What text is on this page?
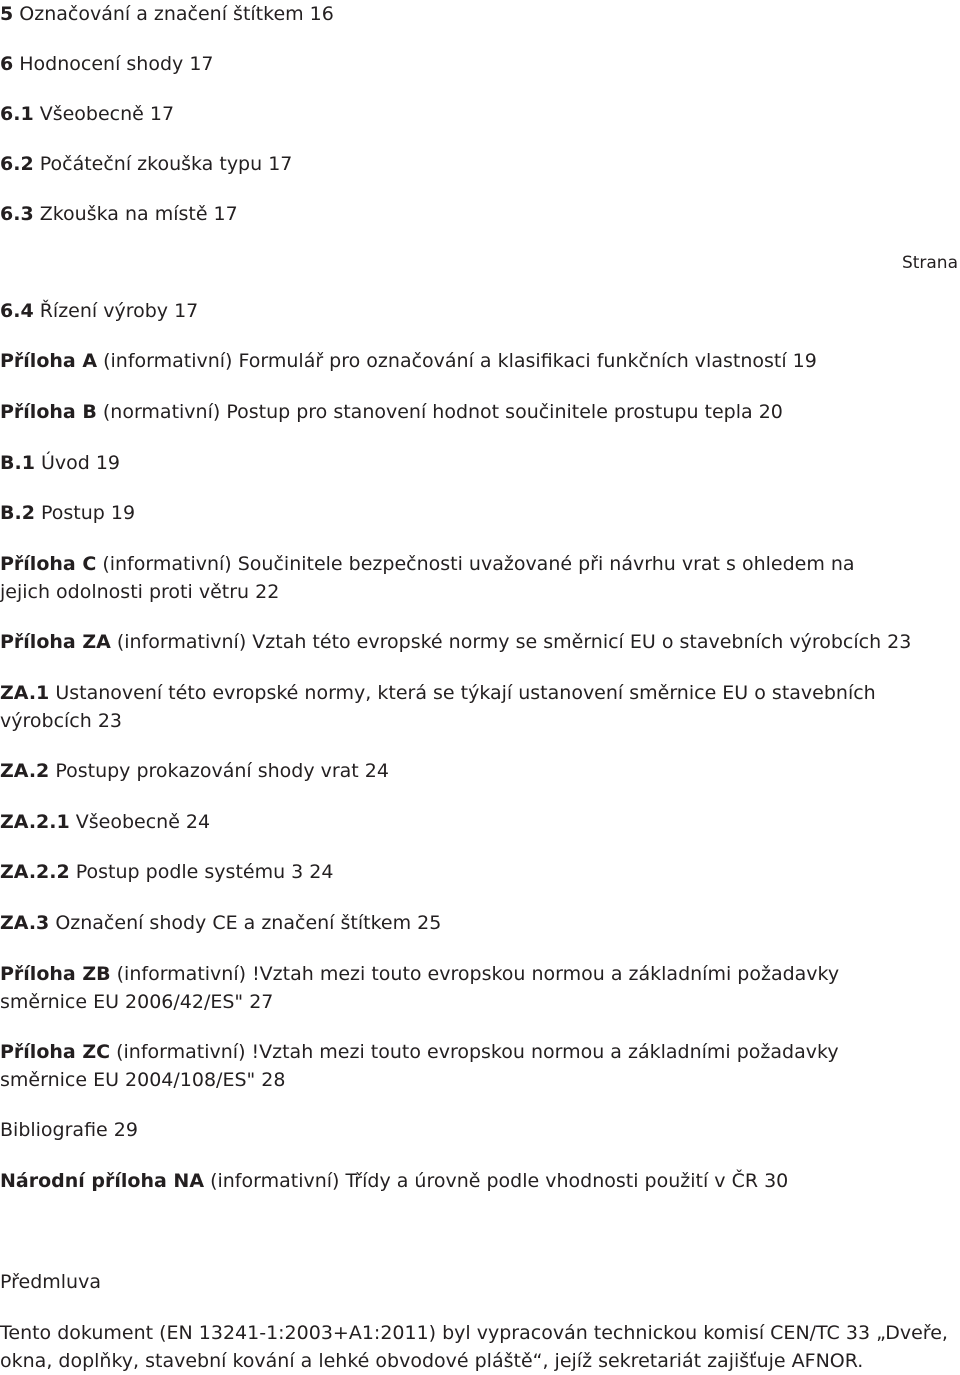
Strana
5 Označování a značení štítkem 16
6 Hodnocení shody 17
6.1 Všeobecně 17
6.2 Počáteční zkouška typu 17
6.3 Zkouška na místě 17
6.4 Řízení výroby 17
Příloha A (informativní) Formulář pro označování a klasifikaci funkčních vlastností 19
Příloha B (normativní) Postup pro stanovení hodnot součinitele prostupu tepla 20
B.1 Úvod 19
B.2 Postup 19
Příloha C (informativní) Součinitele bezpečnosti uvažované při návrhu vrat s ohledem na jejich odolnosti proti větru 22
Příloha ZA (informativní) Vztah této evropské normy se směrnicí EU o stavebních výrobcích 23
ZA.1 Ustanovení této evropské normy, která se týkají ustanovení směrnice EU o stavebních výrobcích 23
ZA.2 Postupy prokazování shody vrat 24
ZA.2.1 Všeobecně 24
ZA.2.2 Postup podle systému 3 24
ZA.3 Označení shody CE a značení štítkem 25
Příloha ZB (informativní) !Vztah mezi touto evropskou normou a základními požadavky směrnice EU 2006/42/ES" 27
Příloha ZC (informativní) !Vztah mezi touto evropskou normou a základními požadavky směrnice EU 2004/108/ES" 28
Bibliografie 29
Národní příloha NA (informativní) Třídy a úrovně podle vhodnosti použití v ČR 30
Předmluva
Tento dokument (EN 13241-1:2003+A1:2011) byl vypracován technickou komisí CEN/TC 33 „Dveře, okna, doplňky, stavební kování a lehké obvodové pláště“, jejíž sekretariát zajišťuje AFNOR.
